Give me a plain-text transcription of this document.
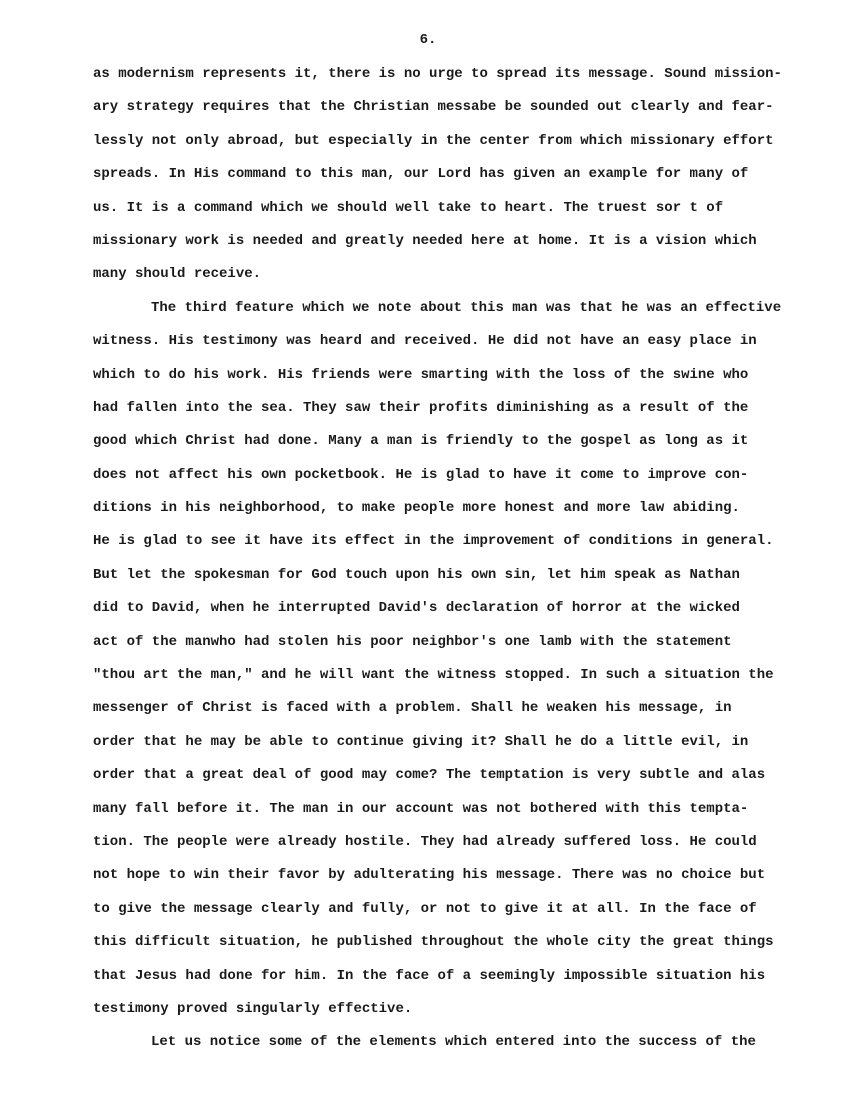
6.
as modernism represents it, there is no urge to spread its message. Sound mission-
ary strategy requires that the Christian messabe be sounded out clearly and fear-
lessly not only abroad, but especially in the center from which missionary effort
spreads. In His command to this man, our Lord has given an example for many of
us. It is a command which we should well take to heart. The truest sor t of
missionary work is needed and greatly needed here at home. It is a vision which
many should receive.
The third feature which we note about this man was that he was an effective
witness. His testimony was heard and received. He did not have an easy place in
which to do his work. His friends were smarting with the loss of the swine who
had fallen into the sea. They saw their profits diminishing as a result of the
good which Christ had done. Many a man is friendly to the gospel as long as it
does not affect his own pocketbook. He is glad to have it come to improve con-
ditions in his neighborhood, to make people more honest and more law abiding.
He is glad to see it have its effect in the improvement of conditions in general.
But let the spokesman for God touch upon his own sin, let him speak as Nathan
did to David, when he interrupted David's declaration of horror at the wicked
act of the manwho had stolen his poor neighbor's one lamb with the statement
"thou art the man," and he will want the witness stopped. In such a situation the
messenger of Christ is faced with a problem. Shall he weaken his message, in
order that he may be able to continue giving it? Shall he do a little evil, in
order that a great deal of good may come? The temptation is very subtle and alas
many fall before it. The man in our account was not bothered with this tempta-
tion. The people were already hostile. They had already suffered loss. He could
not hope to win their favor by adulterating his message. There was no choice but
to give the message clearly and fully, or not to give it at all. In the face of
this difficult situation, he published throughout the whole city the great things
that Jesus had done for him. In the face of a seemingly impossible situation his
testimony proved singularly effective.
Let us notice some of the elements which entered into the success of the
